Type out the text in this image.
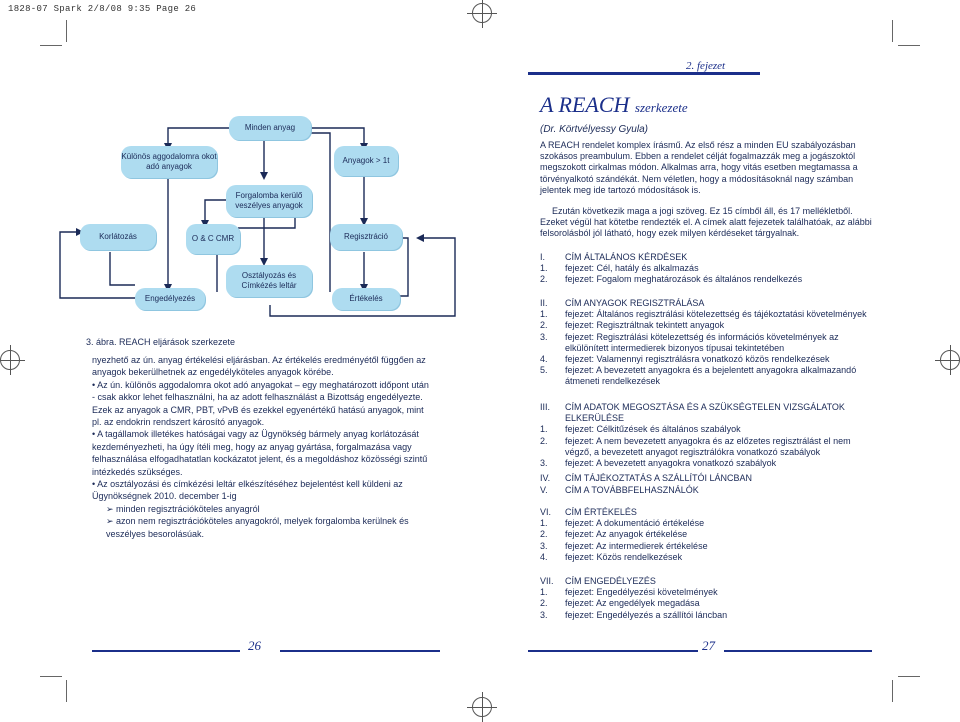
1828-07 Spark 2/8/08 9:35 Page 26
2. fejezet
A REACH szerkezete
(Dr. Körtvélyessy Gyula)

A REACH rendelet komplex írásmű. Az első rész a minden EU szabályozásban szokásos preambulum. Ebben a rendelet célját fogalmazzák meg a jogászoktól megszokott cirkalmas módon. Alkalmas arra, hogy vitás esetben megtamassa a törvényalkotó szándékát. Nem véletlen, hogy a módosításoknál nagy számban jelentek meg ide tartozó módosítások is.

Ezután következik maga a jogi szöveg. Ez 15 címből áll, és 17 mellékletből. Ezeket végül hat kötetbe rendezték el. A címek alatt fejezetek találhatóak, az alábbi felsorolásból jól látható, hogy ezek milyen kérdéseket tárgyalnak.

I.	CÍM ÁLTALÁNOS KÉRDÉSEK
1.	fejezet: Cél, hatály és alkalmazás
2.	fejezet: Fogalom meghatározások és általános rendelkezés
II.	CÍM ANYAGOK REGISZTRÁLÁSA
1.	fejezet: Általános regisztrálási kötelezettség és tájékoztatási követelmények
2.	fejezet: Regisztráltnak tekintett anyagok
3.	fejezet: Regisztrálási kötelezettség és információs követelmények az elkülönített intermedierek bizonyos típusai tekintetében
4.	fejezet: Valamennyi regisztrálásra vonatkozó közös rendelkezések
5.	fejezet: A bevezetett anyagokra és a bejelentett anyagokra alkalmazandó átmeneti rendelkezések
III.	CÍM ADATOK MEGOSZTÁSA ÉS A SZÜKSÉGTELEN VIZSGÁLATOK ELKERÜLÉSE
1.	fejezet: Célkitűzések és általános szabályok
2.	fejezet: A nem bevezetett anyagokra és az előzetes regisztrálást el nem végző, a bevezetett anyagot regisztrálókra vonatkozó szabályok
3.	fejezet: A bevezetett anyagokra vonatkozó szabályok
IV.	CÍM TÁJÉKOZTATÁS A SZÁLLÍTÓI LÁNCBAN
V.	CÍM A TOVÁBBFELHASZNÁLÓK
VI.	CÍM ÉRTÉKELÉS
1.	fejezet: A dokumentáció értékelése
2.	fejezet: Az anyagok értékelése
3.	fejezet: Az intermedierek értékelése
4.	fejezet: Közös rendelkezések
VII.	CÍM ENGEDÉLYEZÉS
1.	fejezet: Engedélyezési követelmények
2.	fejezet: Az engedélyek megadása
3.	fejezet: Engedélyezés a szállítói láncban
Minden anyag
Különös aggodalomra okot adó anyagok
Anyagok > 1t
Forgalomba kerülő veszélyes anyagok
Korlátozás	O & C CMR	Regisztráció
Osztályozás és Címkézés leltár
Engedélyezés	Értékelés
3. ábra. REACH eljárások szerkezete

nyezhető az ún. anyag értékelési eljárásban. Az értékelés eredményétől függően az anyagok bekerülhetnek az engedélyköteles anyagok körébe.

• Az ún. különös aggodalomra okot adó anyagokat – egy meghatározott időpont után - csak akkor lehet felhasználni, ha az adott felhasználást a Bizottság engedélyezte. Ezek az anyagok a CMR, PBT, vPvB és ezekkel egyenértékű hatású anyagok, mint pl. az endokrin rendszert károsító anyagok.

• A tagállamok illetékes hatóságai vagy az Ügynökség bármely anyag korlátozását kezdeményezheti, ha úgy ítéli meg, hogy az anyag gyártása, forgalmazása vagy felhasználása elfogadhatatlan kockázatot jelent, és a megoldáshoz közösségi szintű intézkedés szükséges.

• Az osztályozási és címkézési leltár elkészítéséhez bejelentést kell küldeni az Ügynökségnek 2010. december 1-ig

➢ minden regisztrációköteles anyagról

➢ azon nem regisztrációköteles anyagokról, melyek forgalomba kerülnek és veszélyes besorolásúak.

26	27
